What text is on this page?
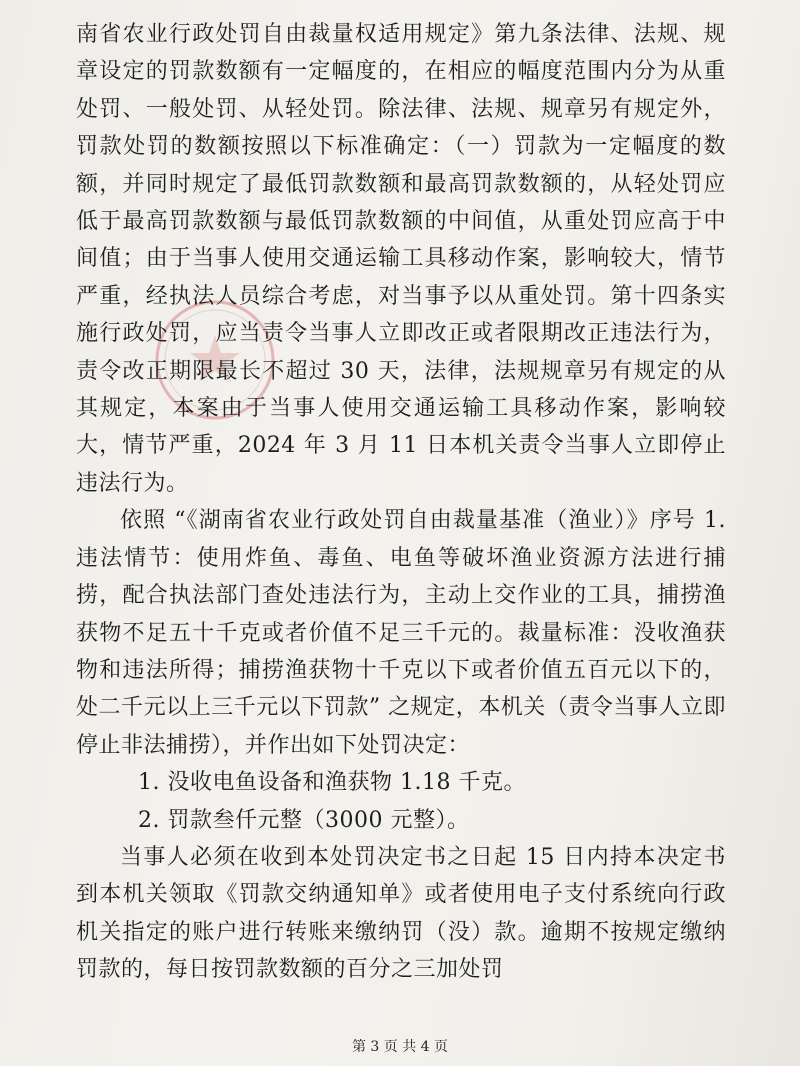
南省农业行政处罚自由裁量权适用规定》第九条法律、法规、规章设定的罚款数额有一定幅度的，在相应的幅度范围内分为从重处罚、一般处罚、从轻处罚。除法律、法规、规章另有规定外，罚款处罚的数额按照以下标准确定：（一）罚款为一定幅度的数额，并同时规定了最低罚款数额和最高罚款数额的，从轻处罚应低于最高罚款数额与最低罚款数额的中间值，从重处罚应高于中间值；由于当事人使用交通运输工具移动作案，影响较大，情节严重，经执法人员综合考虑，对当事予以从重处罚。第十四条实施行政处罚，应当责令当事人立即改正或者限期改正违法行为，责令改正期限最长不超过 30 天，法律，法规规章另有规定的从其规定，本案由于当事人使用交通运输工具移动作案，影响较大，情节严重，2024 年 3 月 11 日本机关责令当事人立即停止违法行为。

依照 “《湖南省农业行政处罚自由裁量基准（渔业）》序号 1.违法情节：使用炸鱼、毒鱼、电鱼等破坏渔业资源方法进行捕捞，配合执法部门查处违法行为，主动上交作业的工具，捕捞渔获物不足五十千克或者价值不足三千元的。裁量标准：没收渔获物和违法所得；捕捞渔获物十千克以下或者价值五百元以下的，处二千元以上三千元以下罚款” 之规定，本机关（责令当事人立即停止非法捕捞），并作出如下处罚决定：

1. 没收电鱼设备和渔获物 1.18 千克。

2. 罚款叁仟元整（3000 元整）。

当事人必须在收到本处罚决定书之日起 15 日内持本决定书到本机关领取《罚款交纳通知单》或者使用电子支付系统向行政机关指定的账户进行转账来缴纳罚（没）款。逾期不按规定缴纳罚款的，每日按罚款数额的百分之三加处罚

第 3 页 共 4 页
